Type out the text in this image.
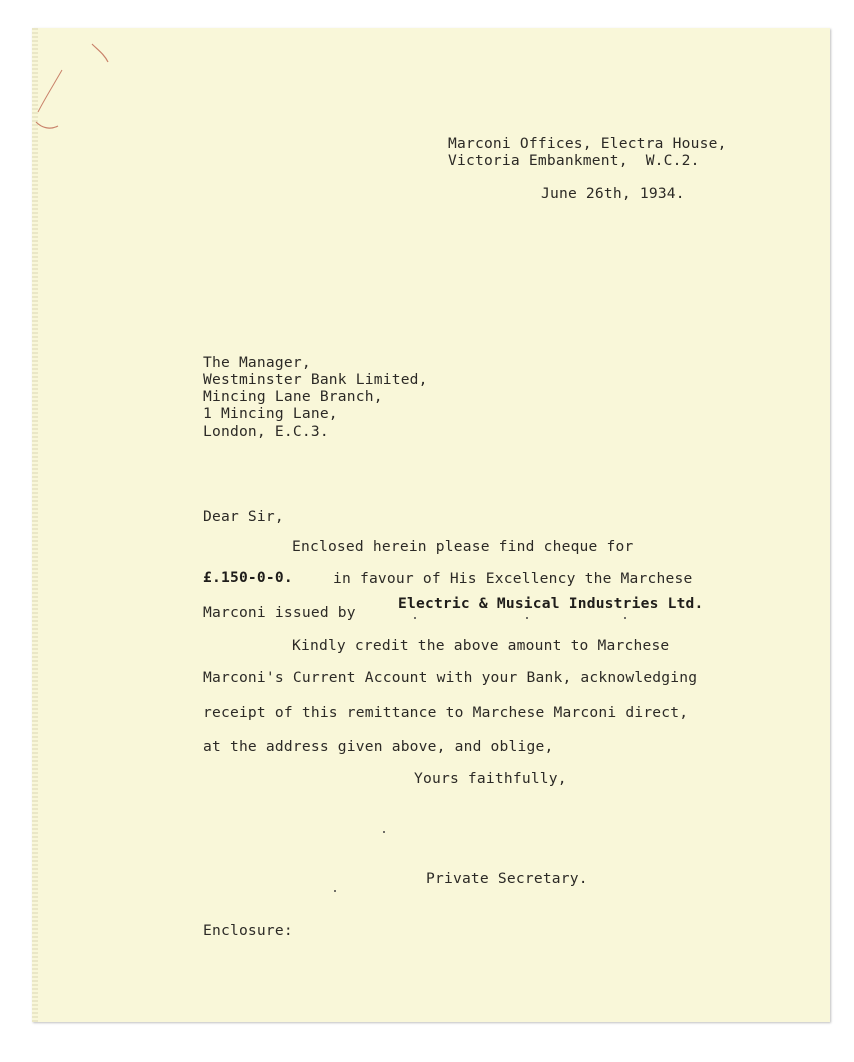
Marconi Offices, Electra House,
Victoria Embankment,  W.C.2.
June 26th, 1934.
The Manager,
Westminster Bank Limited,
Mincing Lane Branch,
1 Mincing Lane,
London, E.C.3.
Dear Sir,
Enclosed herein please find cheque for
£.150-0-0.	in favour of His Excellency the Marchese
Marconi issued by
Electric & Musical Industries Ltd.
Kindly credit the above amount to Marchese
Marconi's Current Account with your Bank, acknowledging
receipt of this remittance to Marchese Marconi direct,
at the address given above, and oblige,
Yours faithfully,
Private Secretary.
Enclosure:
